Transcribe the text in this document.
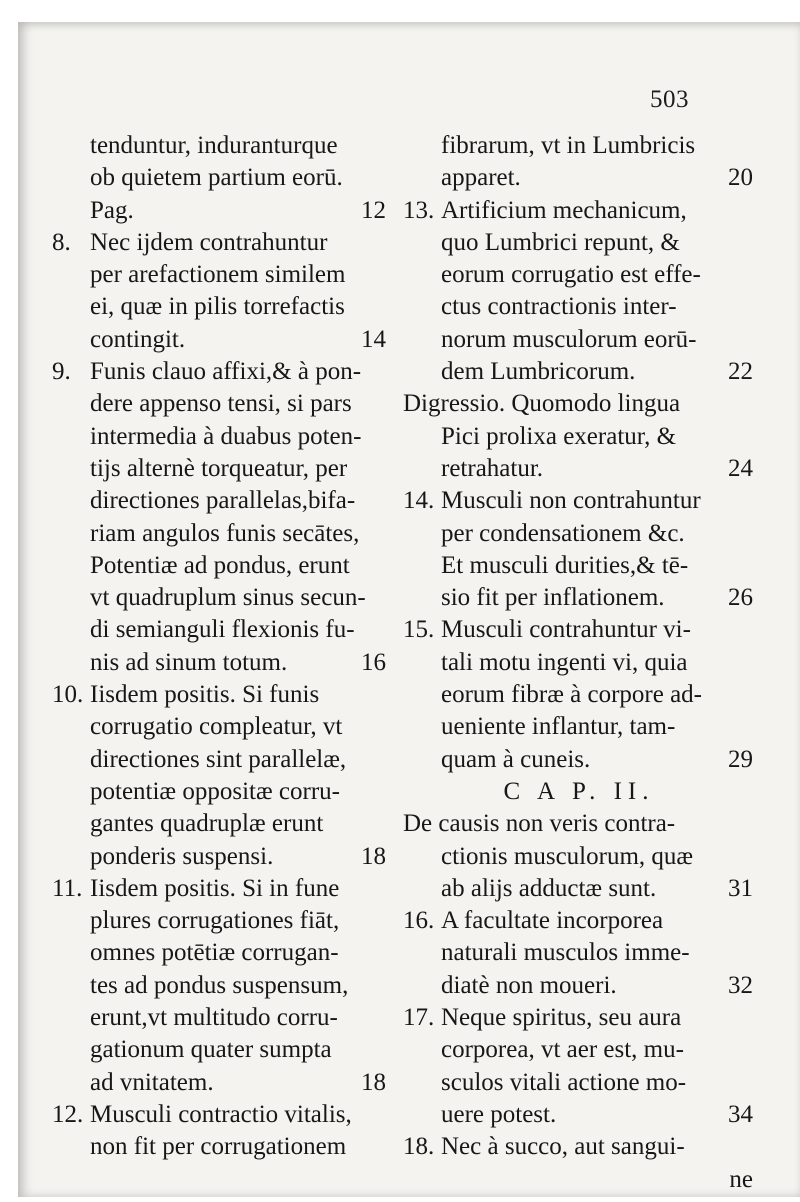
503
tenduntur, induranturque
ob quietem partium eorū.
Pag.	12
8. Nec ijdem contrahuntur
per arefactionem similem
ei, quæ in pilis torrefactis
contingit.	14
9. Funis clauo affixi,& à pon-
dere appenso tensi, si pars
intermedia à duabus poten-
tijs alternè torqueatur, per
directiones parallelas,bifa-
riam angulos funis secātes,
Potentiæ ad pondus, erunt
vt quadruplum sinus secun-
di semianguli flexionis fu-
nis ad sinum totum.	16
10. Iisdem positis. Si funis
corrugatio compleatur, vt
directiones sint parallelæ,
potentiæ oppositæ corru-
gantes quadruplæ erunt
ponderis suspensi.	18
11. Iisdem positis. Si in fune
plures corrugationes fiāt,
omnes potētiæ corrugan-
tes ad pondus suspensum,
erunt,vt multitudo corru-
gationum quater sumpta
ad vnitatem.	18
12. Musculi contractio vitalis,
non fit per corrugationem
fibrarum, vt in Lumbricis
apparet.	20
13. Artificium mechanicum,
quo Lumbrici repunt, &
eorum corrugatio est effe-
ctus contractionis inter-
norum musculorum eorū-
dem Lumbricorum.	22
Digressio. Quomodo lingua
Pici prolixa exeratur, &
retrahatur.	24
14. Musculi non contrahuntur
per condensationem &c.
Et musculi durities,& tē-
sio fit per inflationem.	26
15. Musculi contrahuntur vi-
tali motu ingenti vi, quia
eorum fibræ à corpore ad-
ueniente inflantur, tam-
quam à cuneis.	29
C A P. II.
De causis non veris contra-
ctionis musculorum, quæ
ab alijs adductæ sunt.	31
16. A facultate incorporea
naturali musculos imme-
diatè non moueri.	32
17. Neque spiritus, seu aura
corporea, vt aer est, mu-
sculos vitali actione mo-
uere potest.	34
18. Nec à succo, aut sangui-
ne
